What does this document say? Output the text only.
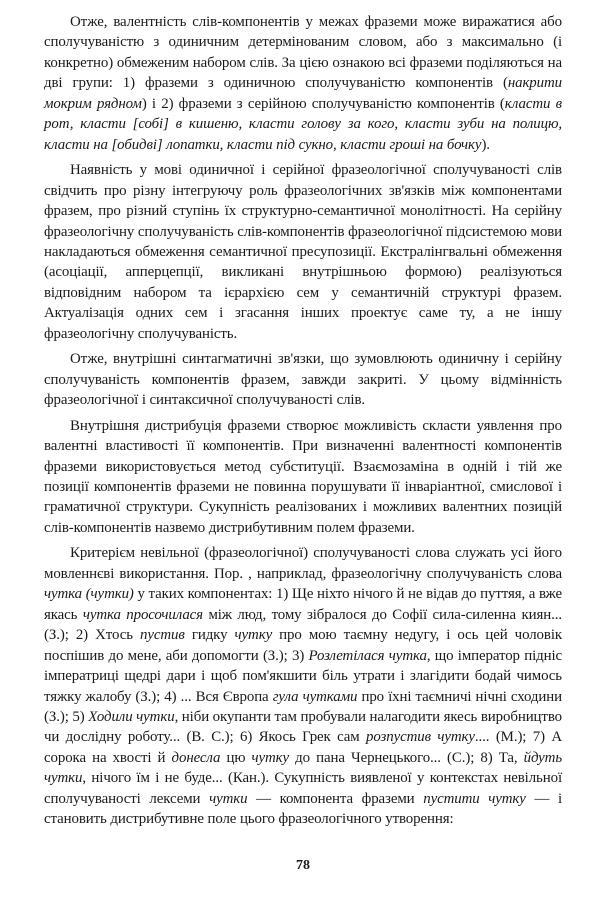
Отже, валентність слів-компонентів у межах фраземи може виражатися або сполучуваністю з одиничним детермінованим словом, або з максимально (і конкретно) обмеженим набором слів. За цією ознакою всі фраземи поділяються на дві групи: 1) фраземи з одиничною сполучуваністю компонентів (накрити мокрим рядном) і 2) фраземи з серійною сполучуваністю компонентів (класти в рот, класти [собі] в кишеню, класти голову за кого, класти зуби на полицю, класти на [обидві] лопатки, класти під сукно, класти гроші на бочку).

Наявність у мові одиничної і серійної фразеологічної сполучуваності слів свідчить про різну інтегруючу роль фразеологічних зв'язків між компонентами фразем, про різний ступінь їх структурно-семантичної монолітності. На серійну фразеологічну сполучуваність слів-компонентів фразеологічної підсистемою мови накладаються обмеження семантичної пресупозиції. Екстралінгвальні обмеження (асоціації, апперцепції, викликані внутрішньою формою) реалізуються відповідним набором та ієрархією сем у семантичній структурі фразем. Актуалізація одних сем і згасання інших проектує саме ту, а не іншу фразеологічну сполучуваність.

Отже, внутрішні синтагматичні зв'язки, що зумовлюють одиничну і серійну сполучуваність компонентів фразем, завжди закриті. У цьому відмінність фразеологічної і синтаксичної сполучуваності слів.

Внутрішня дистрибуція фраземи створює можливість скласти уявлення про валентні властивості її компонентів. При визначенні валентності компонентів фраземи використовується метод субституції. Взаємозаміна в одній і тій же позиції компонентів фраземи не повинна порушувати її інваріантної, смислової і граматичної структури. Сукупність реалізованих і можливих валентних позицій слів-компонентів назвемо дистрибутивним полем фраземи.

Критерієм невільної (фразеологічної) сполучуваності слова служать усі його мовленнєві використання. Пор. , наприклад, фразеологічну сполучуваність слова чутка (чутки) у таких компонентах: 1) Ще ніхто нічого й не відав до путтяя, а вже якась чутка просочилася між люд, тому зібралося до Софії сила-силенна киян... (З.); 2) Хтось пустив гидку чутку про мою таємну недугу, і ось цей чоловік поспішив до мене, аби допомогти (З.); 3) Розлетілася чутка, що імператор підніс імператриці щедрі дари і щоб пом'якшити біль утрати і злагідити бодай чимось тяжку жалобу (З.); 4) ... Вся Європа гула чутками про їхні таємничі нічні сходини (З.); 5) Ходили чутки, ніби окупанти там пробували налагодити якесь виробництво чи дослідну роботу... (В. С.); 6) Якось Грек сам розпустив чутку.... (М.); 7) А сорока на хвості й донесла цю чутку до пана Чернецького... (С.); 8) Та, йдуть чутки, нічого їм і не буде... (Кан.). Сукупність виявленої у контекстах невільної сполучуваності лексеми чутки — компонента фраземи пустити чутку — і становить дистрибутивне поле цього фразеологічного утворення:

78
